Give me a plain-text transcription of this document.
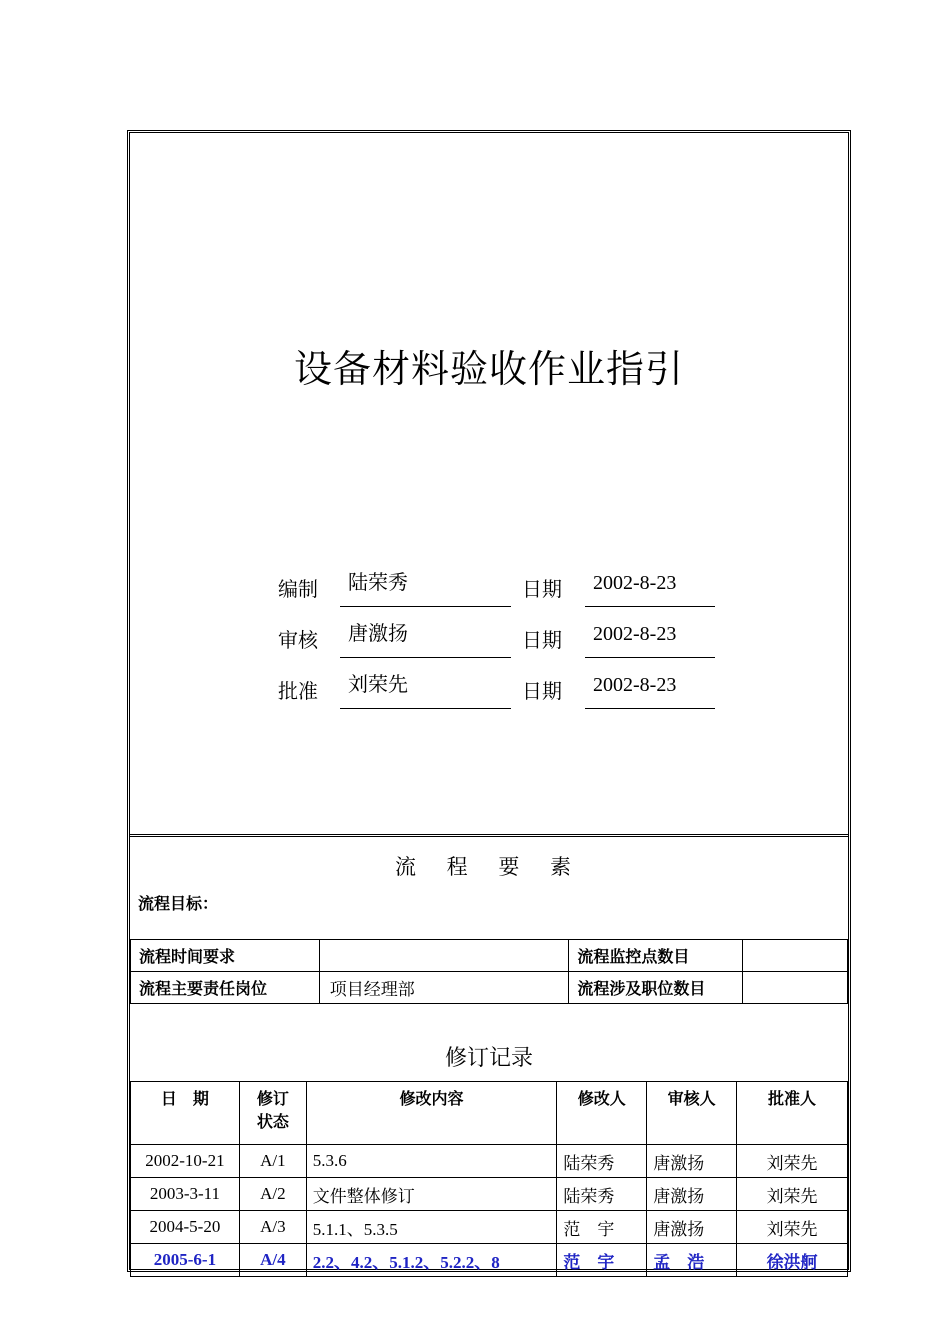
设备材料验收作业指引
编制	陆荣秀	日期	2002-8-23
审核	唐激扬	日期	2002-8-23
批准	刘荣先	日期	2002-8-23
流 程 要 素
流程目标：
流程时间要求		流程监控点数目	
流程主要责任岗位	项目经理部	流程涉及职位数目	
修订记录
日　期	修订状态	修改内容	修改人	审核人	批准人
2002-10-21	A/1	5.3.6	陆荣秀	唐激扬	刘荣先
2003-3-11	A/2	文件整体修订	陆荣秀	唐激扬	刘荣先
2004-5-20	A/3	5.1.1、5.3.5	范　宇	唐激扬	刘荣先
2005-6-1	A/4	2.2、4.2、5.1.2、5.2.2、8	范　宇	孟　浩	徐洪舸
